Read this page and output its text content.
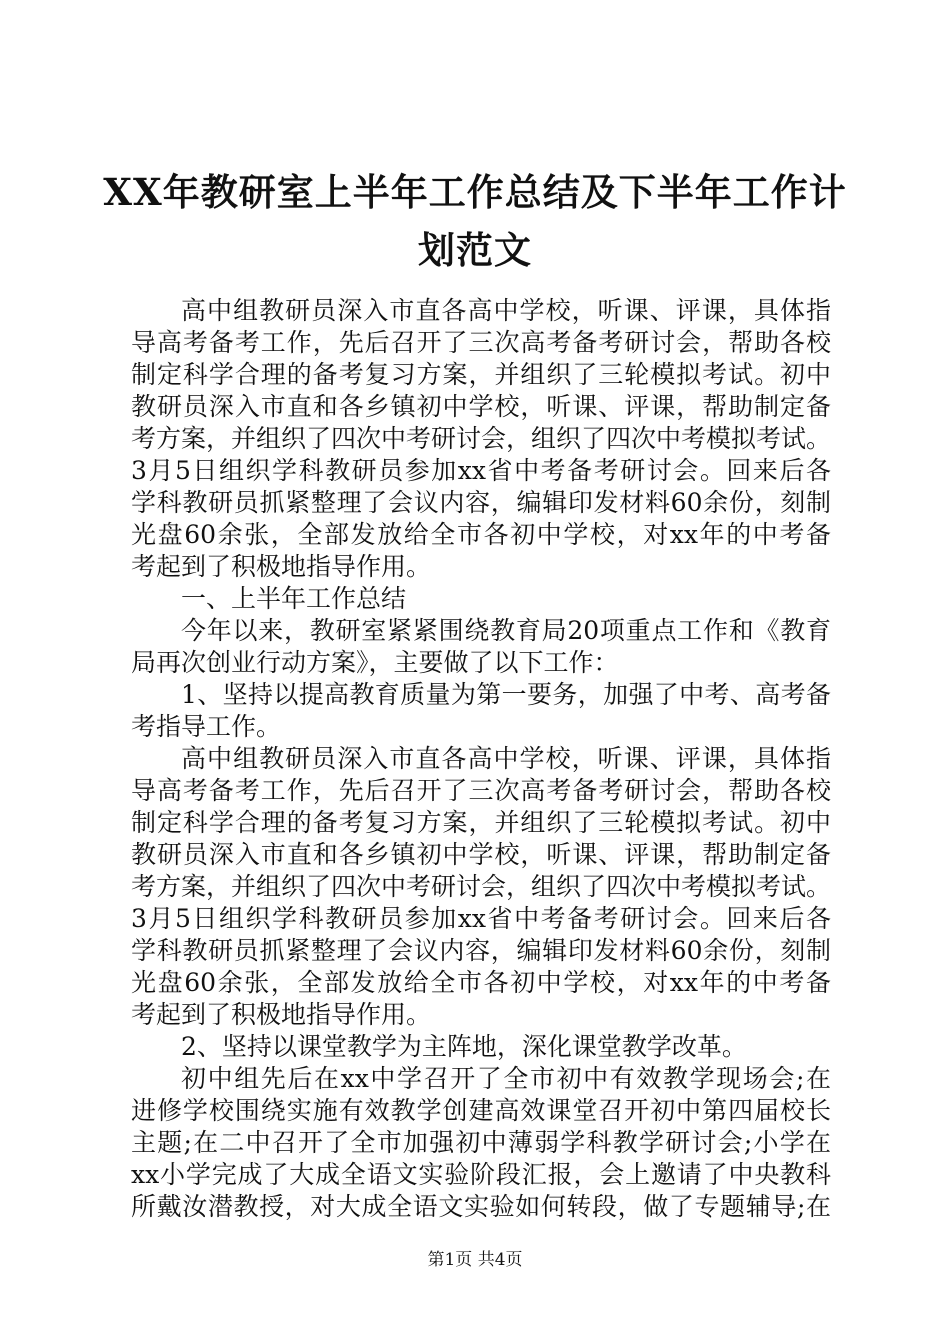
XX年教研室上半年工作总结及下半年工作计
划范文
高中组教研员深入市直各高中学校，听课、评课，具体指
导高考备考工作，先后召开了三次高考备考研讨会，帮助各校
制定科学合理的备考复习方案，并组织了三轮模拟考试。初中
教研员深入市直和各乡镇初中学校，听课、评课，帮助制定备
考方案，并组织了四次中考研讨会，组织了四次中考模拟考试。
3月5日组织学科教研员参加xx省中考备考研讨会。回来后各
学科教研员抓紧整理了会议内容，编辑印发材料60余份，刻制
光盘60余张，全部发放给全市各初中学校，对xx年的中考备
考起到了积极地指导作用。
一、上半年工作总结
今年以来，教研室紧紧围绕教育局20项重点工作和《教育
局再次创业行动方案》，主要做了以下工作：
1、坚持以提高教育质量为第一要务，加强了中考、高考备
考指导工作。
高中组教研员深入市直各高中学校，听课、评课，具体指
导高考备考工作，先后召开了三次高考备考研讨会，帮助各校
制定科学合理的备考复习方案，并组织了三轮模拟考试。初中
教研员深入市直和各乡镇初中学校，听课、评课，帮助制定备
考方案，并组织了四次中考研讨会，组织了四次中考模拟考试。
3月5日组织学科教研员参加xx省中考备考研讨会。回来后各
学科教研员抓紧整理了会议内容，编辑印发材料60余份，刻制
光盘60余张，全部发放给全市各初中学校，对xx年的中考备
考起到了积极地指导作用。
2、坚持以课堂教学为主阵地，深化课堂教学改革。
初中组先后在xx中学召开了全市初中有效教学现场会;在
进修学校围绕实施有效教学创建高效课堂召开初中第四届校长
主题;在二中召开了全市加强初中薄弱学科教学研讨会;小学在
xx小学完成了大成全语文实验阶段汇报，会上邀请了中央教科
所戴汝潜教授，对大成全语文实验如何转段，做了专题辅导;在
第1页 共4页
